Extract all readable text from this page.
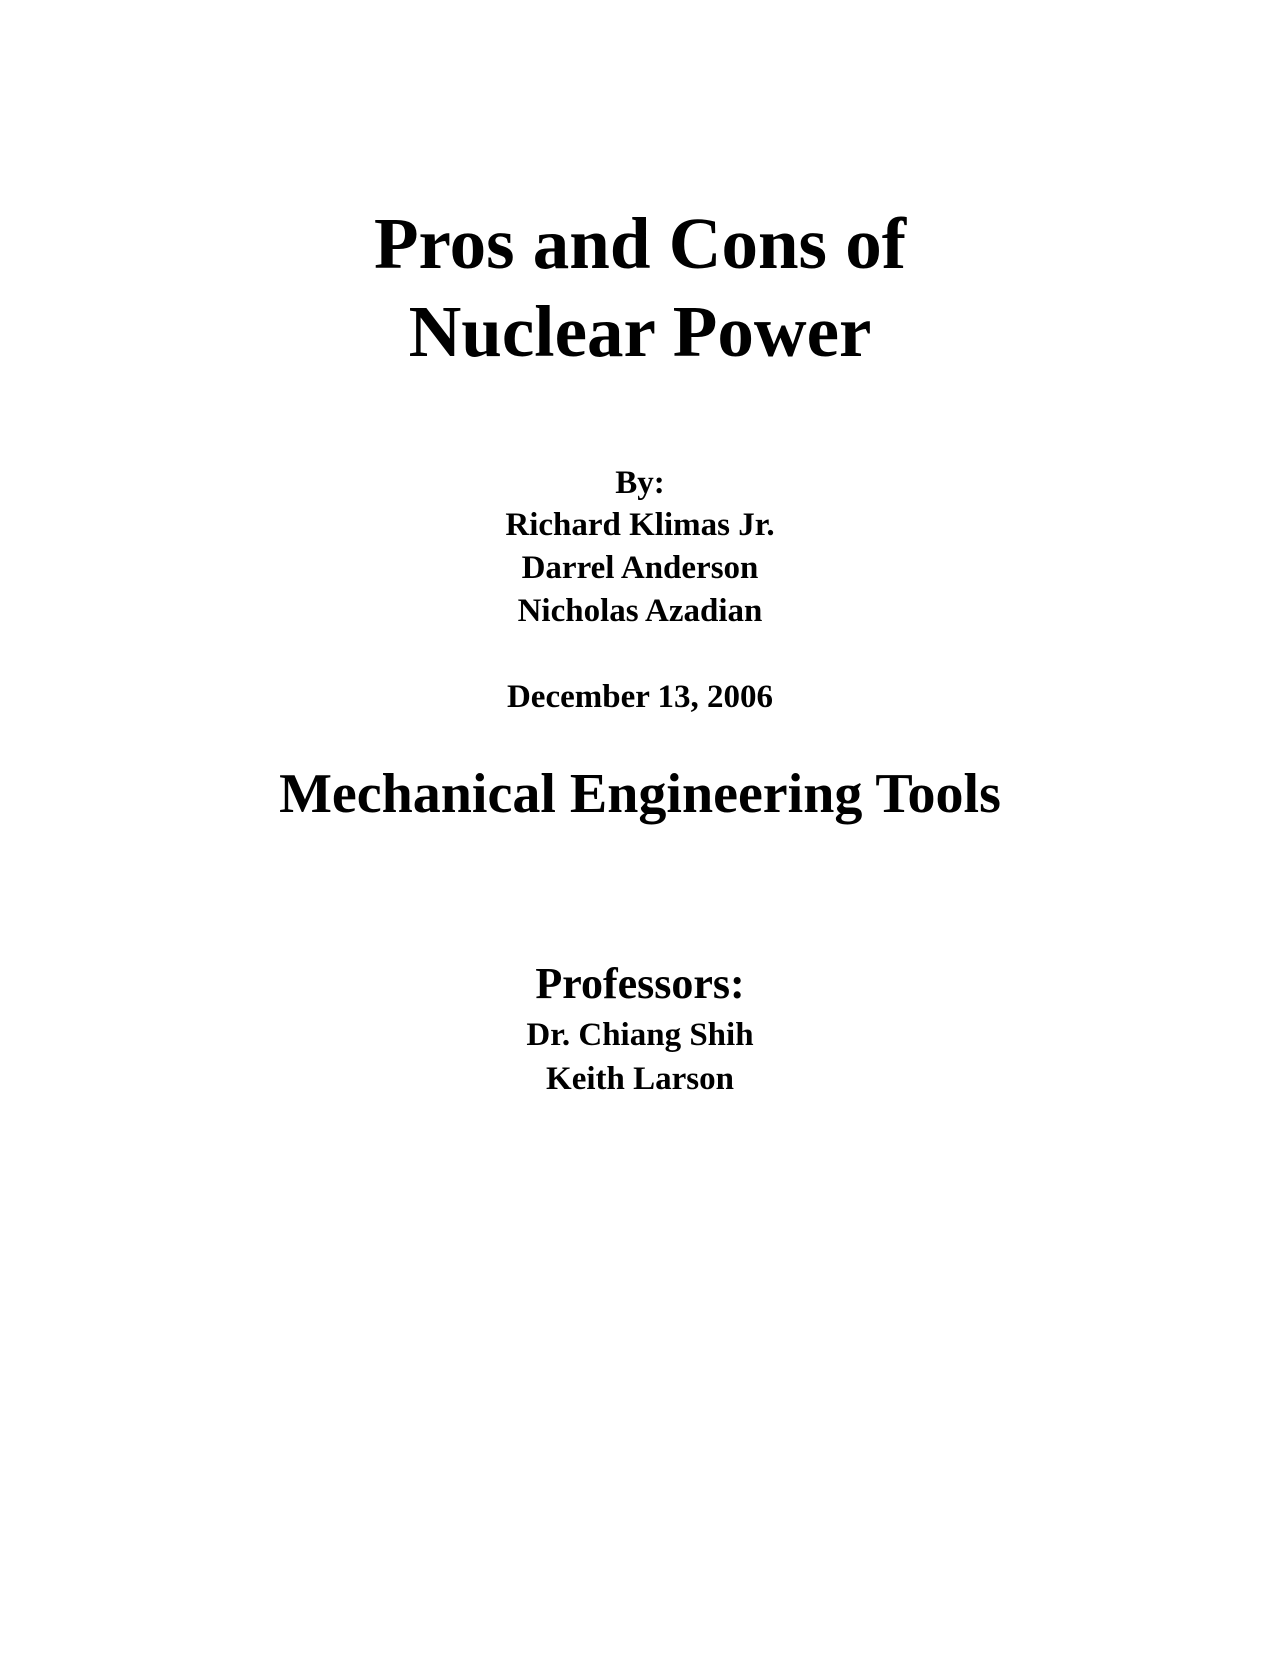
Pros and Cons of
Nuclear Power
By:
Richard Klimas Jr.
Darrel Anderson
Nicholas Azadian
December 13, 2006
Mechanical Engineering Tools
Professors:
Dr. Chiang Shih
Keith Larson
